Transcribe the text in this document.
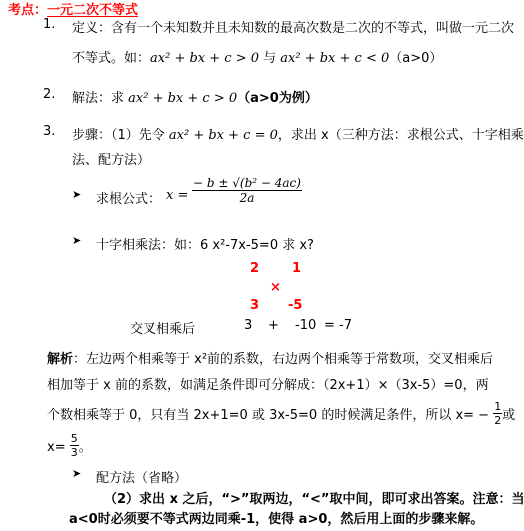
考点：一元二次不等式
1. 定义：含有一个未知数并且未知数的最高次数是二次的不等式，叫做一元二次
不等式。如：ax² + bx + c > 0 与 ax² + bx + c < 0（a>0）
2. 解法：求 ax² + bx + c > 0（a>0为例）
3. 步骤：（1）先令 ax² + bx + c = 0，求出 x（三种方法：求根公式、十字相乘
法、配方法）
➤ 求根公式： $x = \frac{\text{− b ± √(b² − 4ac)}}{2a}$
➤ 十字相乘法：如：6 x²-7x-5=0 求 x?
2	1
×
3 -5
交叉相乘后	3 + -10 = -7
解析：左边两个相乘等于 x²前的系数，右边两个相乘等于常数项，交叉相乘后
相加等于 x 前的系数，如满足条件即可分解成：（2x+1）×（3x-5）=0，两
个数相乘等于 0，只有当 2x+1=0 或 3x-5=0 的时候满足条件，所以 $x= - \frac{1}{2}$ 或
$x= \frac{5}{3}$ 。
➤ 配方法（省略）
（2）求出 x 之后，“>”取两边，“<”取中间，即可求出答案。注意：当
a<0时必须要不等式两边同乘-1，使得 a>0，然后用上面的步骤来解。
